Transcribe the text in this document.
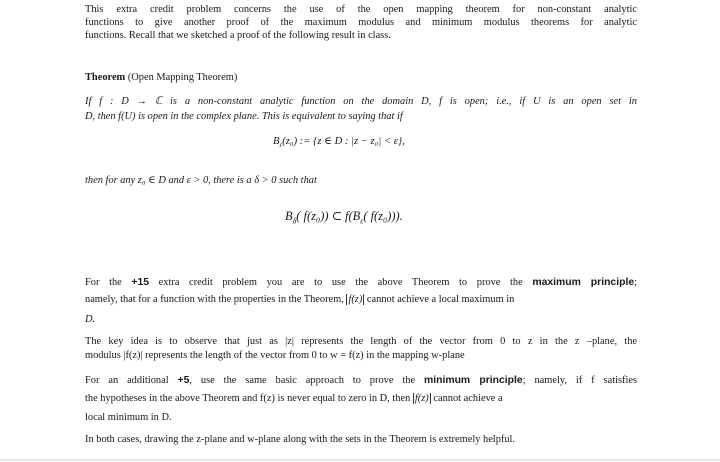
This extra credit problem concerns the use of the open mapping theorem for non-constant analytic
functions to give another proof of the maximum modulus and minimum modulus theorems for analytic
functions. Recall that we sketched a proof of the following result in class.
Theorem (Open Mapping Theorem)
If f : D → ℂ is a non-constant analytic function on the domain D, f is open; i.e., if U is an open set in
D, then f(U) is open in the complex plane. This is equivalent to saying that if
$B_\varepsilon(z_0)$ := {z ∈ D : |z − z₀| < ε},
then for any z₀ ∈ D and ε > 0, there is a δ > 0 such that
$B_\delta$( f(z₀)) ⊂ $f(B_\varepsilon$( f(z₀))).
For the +15 extra credit problem you are to use the above Theorem to prove the maximum principle;
namely, that for a function with the properties in the Theorem, f(z) cannot achieve a local maximum in
D.
The key idea is to observe that just as |z| represents the length of the vector from 0 to z in the z –plane, the
modulus |f(z)| represents the length of the vector from 0 to w = f(z) in the mapping w-plane
For an additional +5, use the same basic approach to prove the minimum principle; namely, if f satisfies
the hypotheses in the above Theorem and f(z) is never equal to zero in D, then f(z) cannot achieve a
local minimum in D.
In both cases, drawing the z-plane and w-plane along with the sets in the Theorem is extremely helpful.
